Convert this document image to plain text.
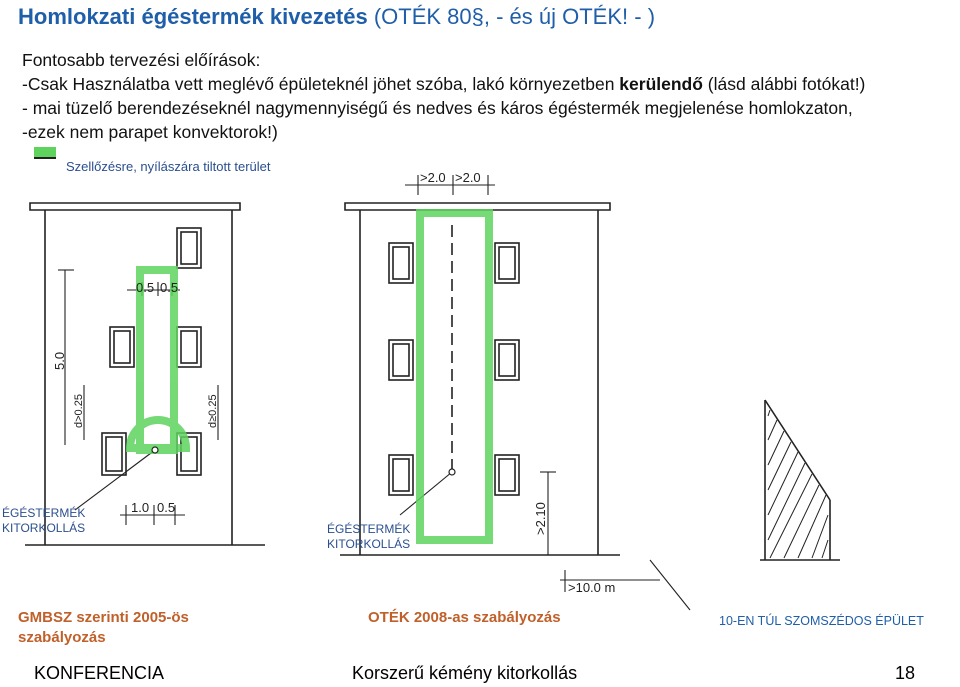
Homlokzati égéstermék kivezetés (OTÉK 80§, - és új OTÉK! - )
Fontosabb tervezési előírások:
-Csak Használatba vett meglévő épületeknél jöhet szóba, lakó környezetben kerülendő (lásd alábbi fotókat!)
- mai tüzelő berendezéseknél nagymennyiségű és nedves és káros égéstermék megjelenése homlokzaton,
-ezek nem parapet konvektorok!)
Szellőzésre, nyílászára tiltott terület
0.5 0.5
5.0
d>0.25	d≥0.25
1.0 0.5
>2.0 >2.0
>2.10
>10.0 m
ÉGÉSTERMÉK
KITORKOLLÁS	ÉGÉSTERMÉK
KITORKOLLÁS
GMBSZ szerinti 2005-ös
szabályozás
OTÉK 2008-as szabályozás	10-EN TÚL SZOMSZÉDOS ÉPÜLET
KONFERENCIA	Korszerű kémény kitorkollás	18
